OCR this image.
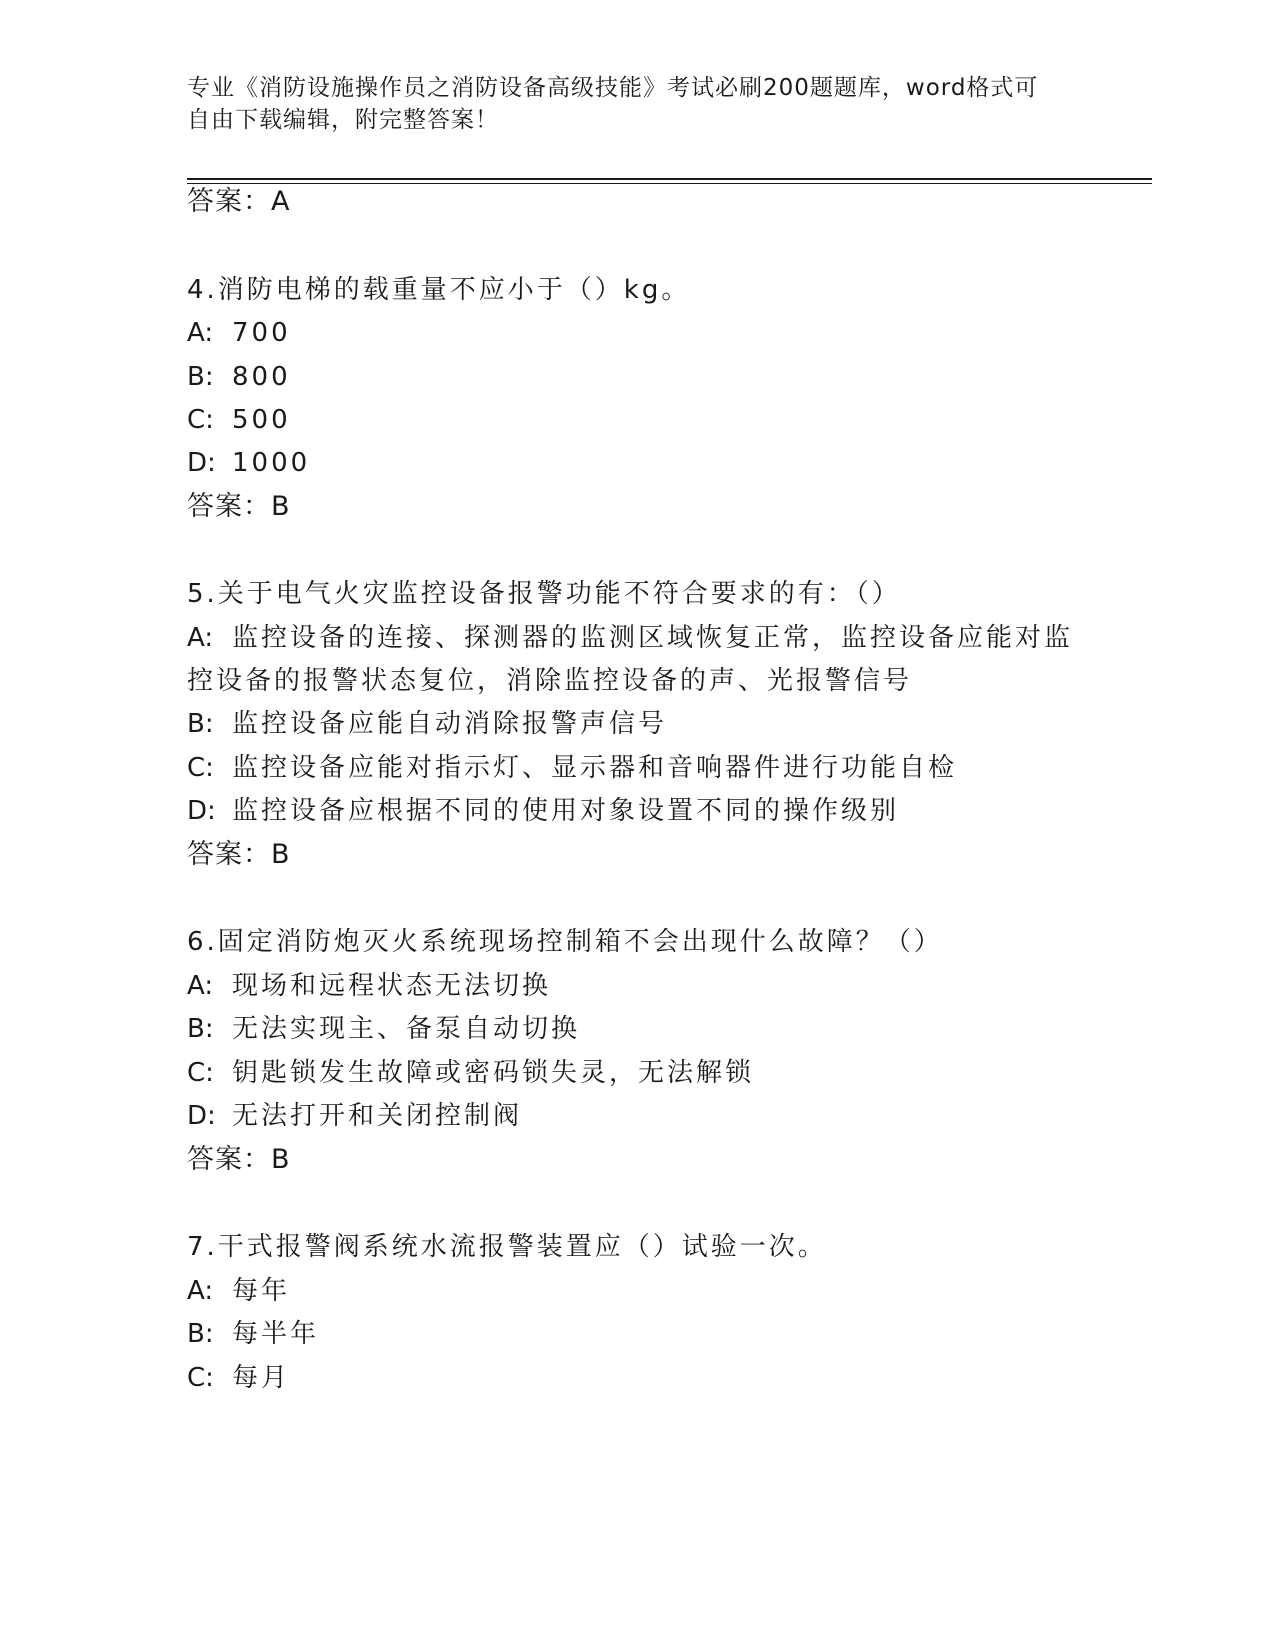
专业《消防设施操作员之消防设备高级技能》考试必刷200题题库，word格式可
自由下载编辑，附完整答案！
答案：A
4.消防电梯的载重量不应小于（）kg。
A: 700
B: 800
C: 500
D: 1000
答案：B
5.关于电气火灾监控设备报警功能不符合要求的有：（）
A: 监控设备的连接、探测器的监测区域恢复正常，监控设备应能对监
控设备的报警状态复位，消除监控设备的声、光报警信号
B: 监控设备应能自动消除报警声信号
C: 监控设备应能对指示灯、显示器和音响器件进行功能自检
D: 监控设备应根据不同的使用对象设置不同的操作级别
答案：B
6.固定消防炮灭火系统现场控制箱不会出现什么故障？（）
A: 现场和远程状态无法切换
B: 无法实现主、备泵自动切换
C: 钥匙锁发生故障或密码锁失灵，无法解锁
D: 无法打开和关闭控制阀
答案：B
7.干式报警阀系统水流报警装置应（）试验一次。
A: 每年
B: 每半年
C: 每月
